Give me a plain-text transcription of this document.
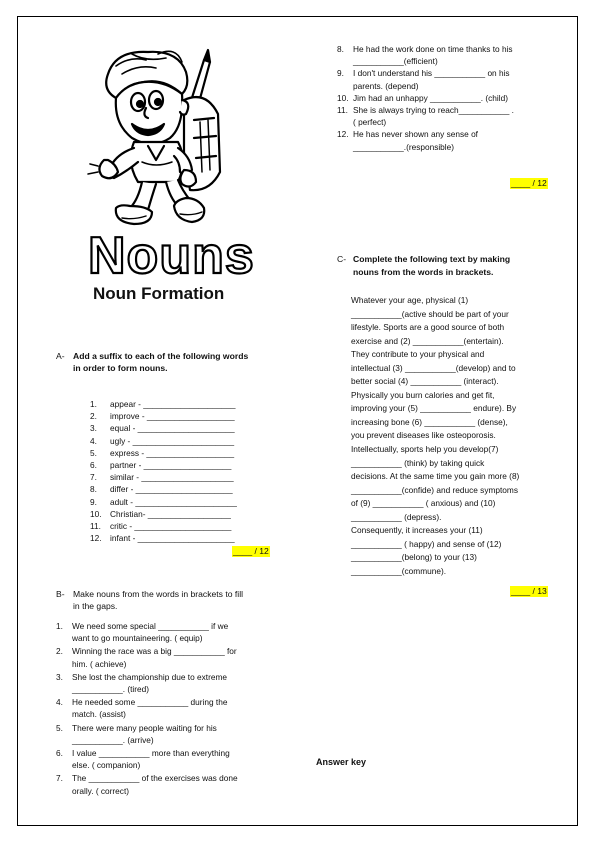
Nouns
Noun Formation
A- Add a suffix to each of the following words
in order to form nouns.
1. appear - ____________________
2. improve - ___________________
3. equal - _____________________
4. ugly - ______________________
5. express - ___________________
6. partner - ___________________
7. similar - ____________________
8. differ - _____________________
9. adult - ______________________
10. Christian- __________________
11. critic - _____________________
12. infant - _____________________
____ / 12
B- Make nouns from the words in brackets to fill
in the gaps.
1. We need some special ___________ if we
want to go mountaineering. ( equip)
2. Winning the race was a big ___________ for
him. ( achieve)
3. She lost the championship due to extreme
___________. (tired)
4. He needed some ___________ during the
match. (assist)
5. There were many people waiting for his
___________. (arrive)
6. I value ___________ more than everything
else. ( companion)
7. The ___________ of the exercises was done
orally. ( correct)
8. He had the work done on time thanks to his
___________(efficient)
9. I don't understand his ___________ on his
parents. (depend)
10. Jim had an unhappy ___________. (child)
11. She is always trying to reach___________ .
( perfect)
12. He has never shown any sense of
___________.(responsible)
____ / 12
C- Complete the following text by making
nouns from the words in brackets.
Whatever your age, physical (1)
___________(active should be part of your
lifestyle. Sports are a good source of both
exercise and (2) ___________(entertain).
They contribute to your physical and
intellectual (3) ___________(develop) and to
better social (4) ___________ (interact).
Physically you burn calories and get fit,
improving your (5) ___________ endure). By
increasing bone (6) ___________ (dense),
you prevent diseases like osteoporosis.
Intellectually, sports help you develop(7)
___________ (think) by taking quick
decisions. At the same time you gain more (8)
___________(confide) and reduce symptoms
of (9) ___________ ( anxious) and (10)
___________ (depress).
Consequently, it increases your (11)
___________ ( happy) and sense of (12)
___________(belong) to your (13)
___________(commune).
____ / 13
Answer key
